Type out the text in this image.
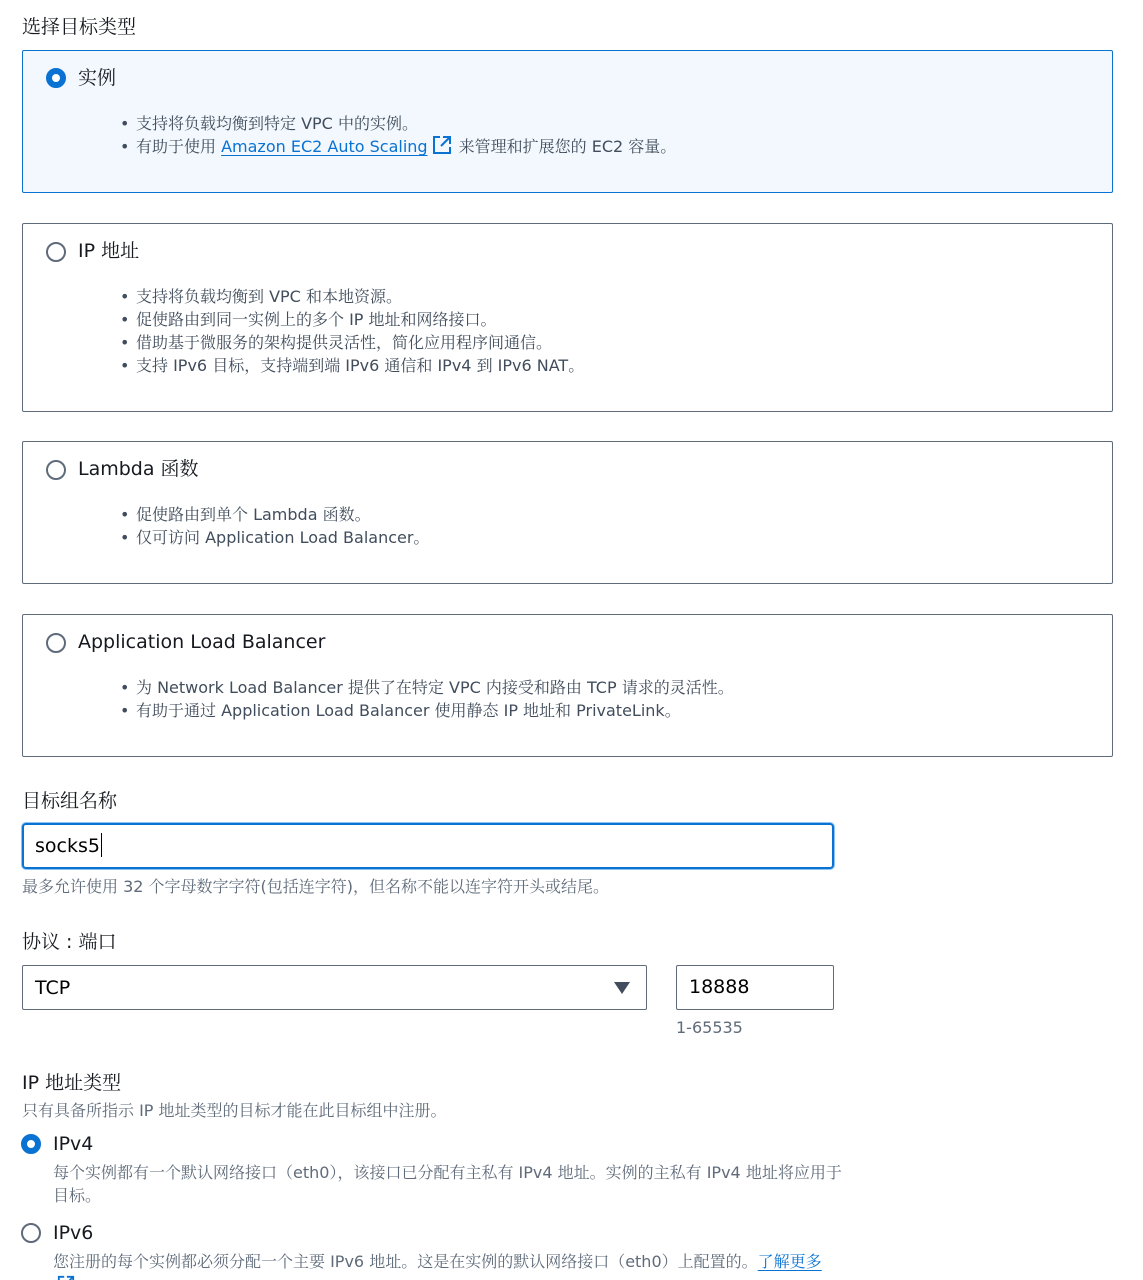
选择目标类型
实例
• 支持将负载均衡到特定 VPC 中的实例。
• 有助于使用 Amazon EC2 Auto Scaling 来管理和扩展您的 EC2 容量。
IP 地址
• 支持将负载均衡到 VPC 和本地资源。
• 促使路由到同一实例上的多个 IP 地址和网络接口。
• 借助基于微服务的架构提供灵活性，简化应用程序间通信。
• 支持 IPv6 目标，支持端到端 IPv6 通信和 IPv4 到 IPv6 NAT。
Lambda 函数
• 促使路由到单个 Lambda 函数。
• 仅可访问 Application Load Balancer。
Application Load Balancer
• 为 Network Load Balancer 提供了在特定 VPC 内接受和路由 TCP 请求的灵活性。
• 有助于通过 Application Load Balancer 使用静态 IP 地址和 PrivateLink。
目标组名称
socks5
最多允许使用 32 个字母数字字符(包括连字符)，但名称不能以连字符开头或结尾。
协议 : 端口
TCP	18888
1-65535
IP 地址类型
只有具备所指示 IP 地址类型的目标才能在此目标组中注册。
IPv4
每个实例都有一个默认网络接口（eth0），该接口已分配有主私有 IPv4 地址。实例的主私有 IPv4 地址将应用于目标。
IPv6
您注册的每个实例都必须分配一个主要 IPv6 地址。这是在实例的默认网络接口（eth0）上配置的。了解更多
